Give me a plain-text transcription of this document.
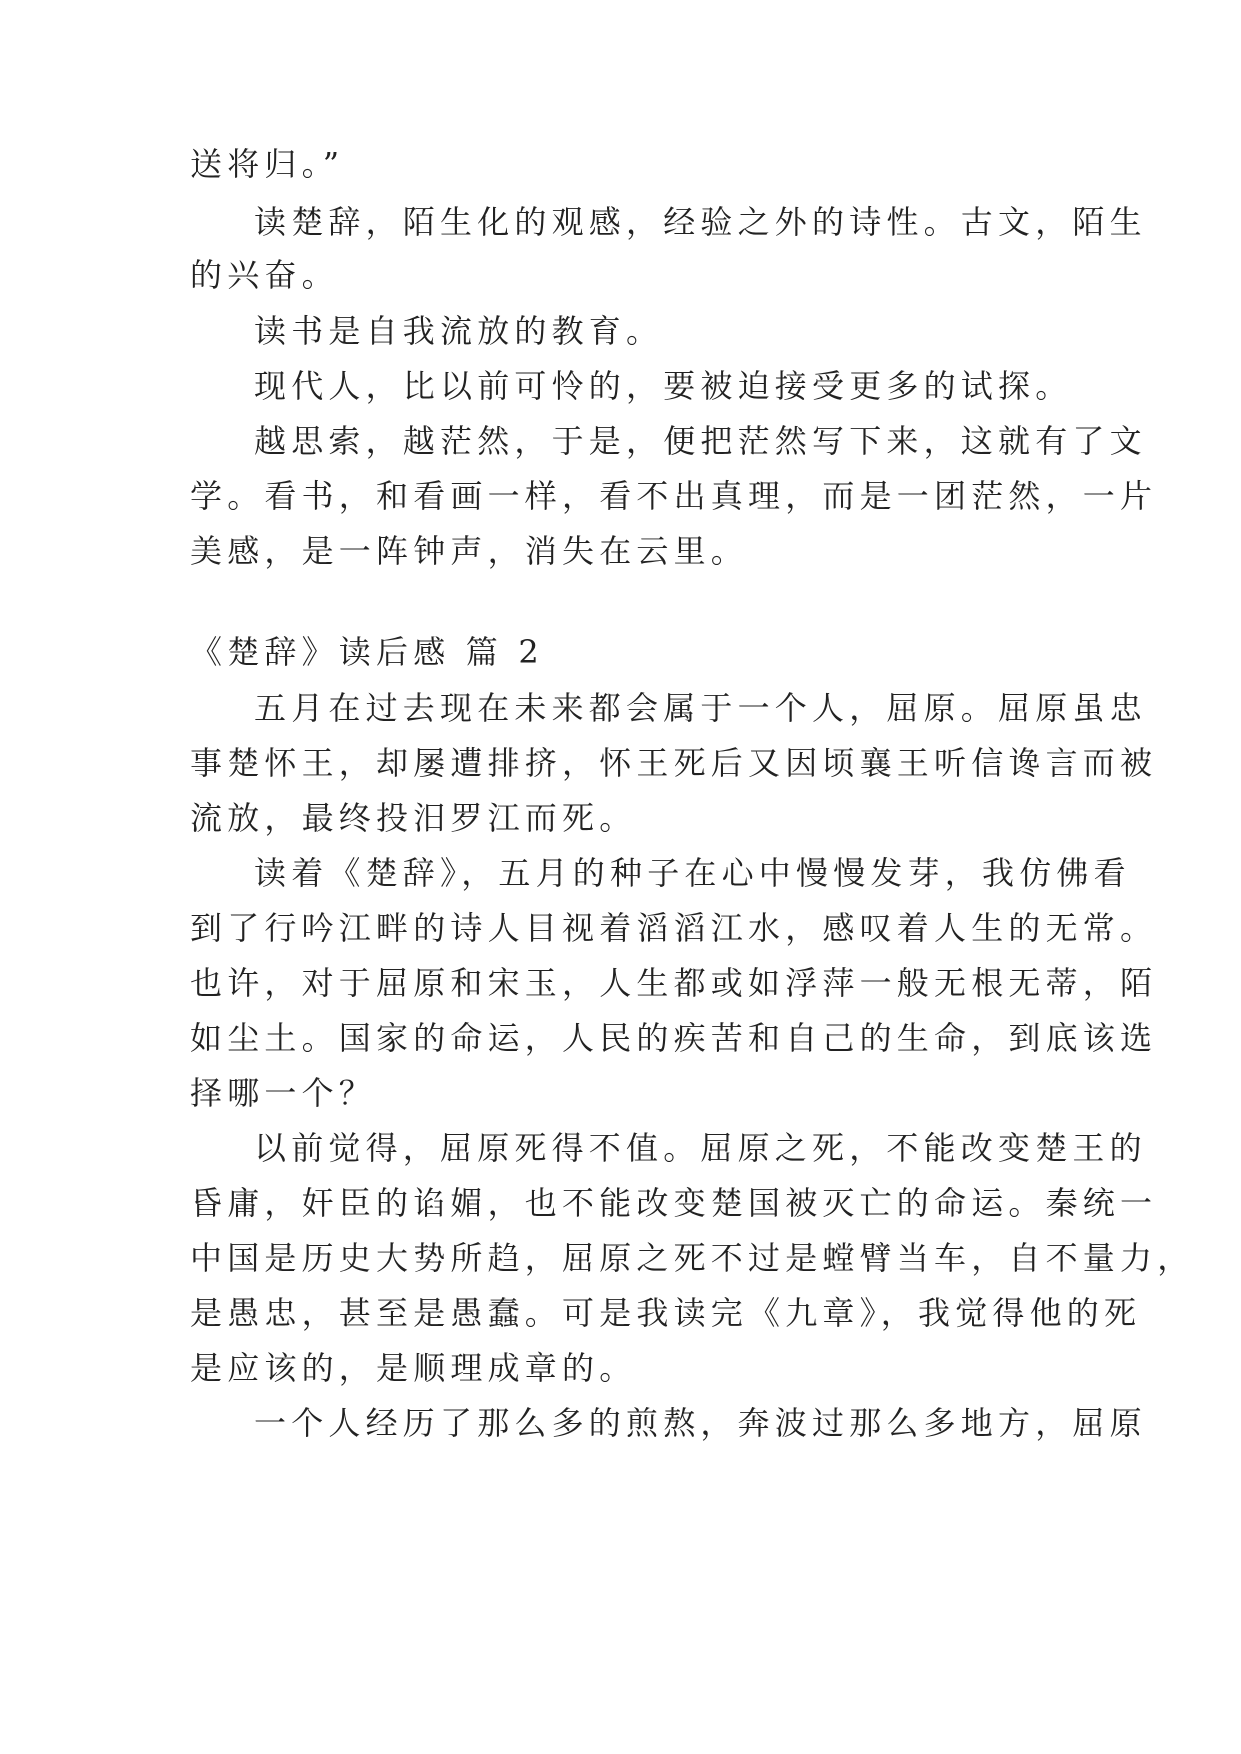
送将归。”
读楚辞，陌生化的观感，经验之外的诗性。古文，陌生
的兴奋。
读书是自我流放的教育。
现代人，比以前可怜的，要被迫接受更多的试探。
越思索，越茫然，于是，便把茫然写下来，这就有了文
学。看书，和看画一样，看不出真理，而是一团茫然，一片
美感，是一阵钟声，消失在云里。
《楚辞》读后感 篇 2
五月在过去现在未来都会属于一个人，屈原。屈原虽忠
事楚怀王，却屡遭排挤，怀王死后又因顷襄王听信谗言而被
流放，最终投汨罗江而死。
读着《楚辞》，五月的种子在心中慢慢发芽，我仿佛看
到了行吟江畔的诗人目视着滔滔江水，感叹着人生的无常。
也许，对于屈原和宋玉，人生都或如浮萍一般无根无蒂，陌
如尘土。国家的命运，人民的疾苦和自己的生命，到底该选
择哪一个？
以前觉得，屈原死得不值。屈原之死，不能改变楚王的
昏庸，奸臣的谄媚，也不能改变楚国被灭亡的命运。秦统一
中国是历史大势所趋，屈原之死不过是螳臂当车，自不量力，
是愚忠，甚至是愚蠢。可是我读完《九章》，我觉得他的死
是应该的，是顺理成章的。
一个人经历了那么多的煎熬，奔波过那么多地方，屈原
